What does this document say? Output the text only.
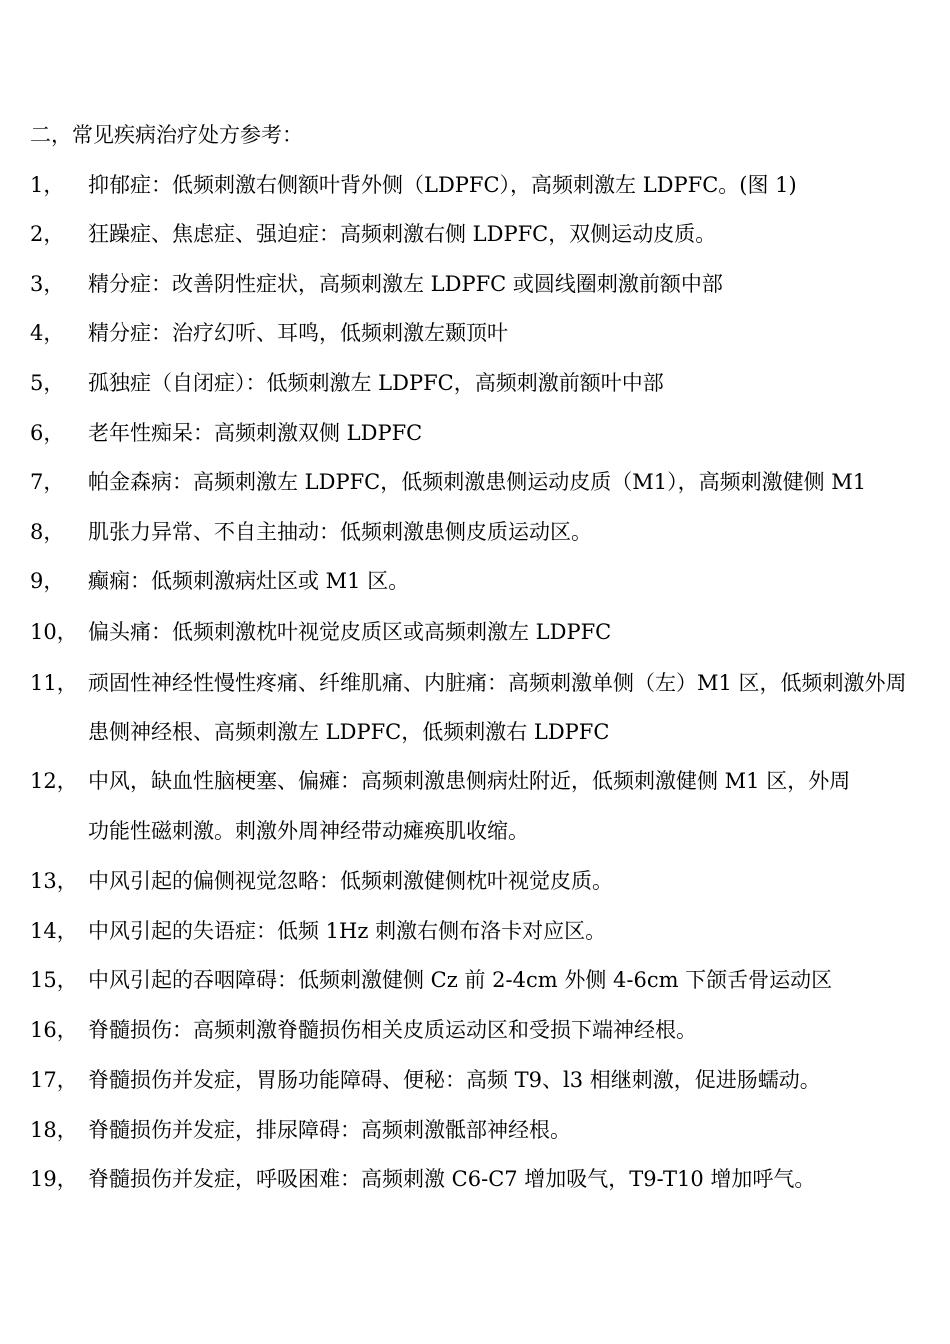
二，常见疾病治疗处方参考：
1， 抑郁症：低频刺激右侧额叶背外侧（LDPFC），高频刺激左 LDPFC。(图 1)
2， 狂躁症、焦虑症、强迫症：高频刺激右侧 LDPFC，双侧运动皮质。
3， 精分症：改善阴性症状，高频刺激左 LDPFC 或圆线圈刺激前额中部
4， 精分症：治疗幻听、耳鸣，低频刺激左颞顶叶
5， 孤独症（自闭症）：低频刺激左 LDPFC，高频刺激前额叶中部
6， 老年性痴呆：高频刺激双侧 LDPFC
7， 帕金森病：高频刺激左 LDPFC，低频刺激患侧运动皮质（M1），高频刺激健侧 M1
8， 肌张力异常、不自主抽动：低频刺激患侧皮质运动区。
9， 癫痫：低频刺激病灶区或 M1 区。
10， 偏头痛：低频刺激枕叶视觉皮质区或高频刺激左 LDPFC
11， 顽固性神经性慢性疼痛、纤维肌痛、内脏痛：高频刺激单侧（左）M1 区，低频刺激外周
患侧神经根、高频刺激左 LDPFC，低频刺激右 LDPFC
12， 中风，缺血性脑梗塞、偏瘫：高频刺激患侧病灶附近，低频刺激健侧 M1 区，外周
功能性磁刺激。刺激外周神经带动瘫痪肌收缩。
13， 中风引起的偏侧视觉忽略：低频刺激健侧枕叶视觉皮质。
14， 中风引起的失语症：低频 1Hz 刺激右侧布洛卡对应区。
15， 中风引起的吞咽障碍：低频刺激健侧 Cz 前 2-4cm 外侧 4-6cm 下颌舌骨运动区
16， 脊髓损伤：高频刺激脊髓损伤相关皮质运动区和受损下端神经根。
17， 脊髓损伤并发症，胃肠功能障碍、便秘：高频 T9、l3 相继刺激，促进肠蠕动。
18， 脊髓损伤并发症，排尿障碍：高频刺激骶部神经根。
19， 脊髓损伤并发症，呼吸困难：高频刺激 C6-C7 增加吸气，T9-T10 增加呼气。
